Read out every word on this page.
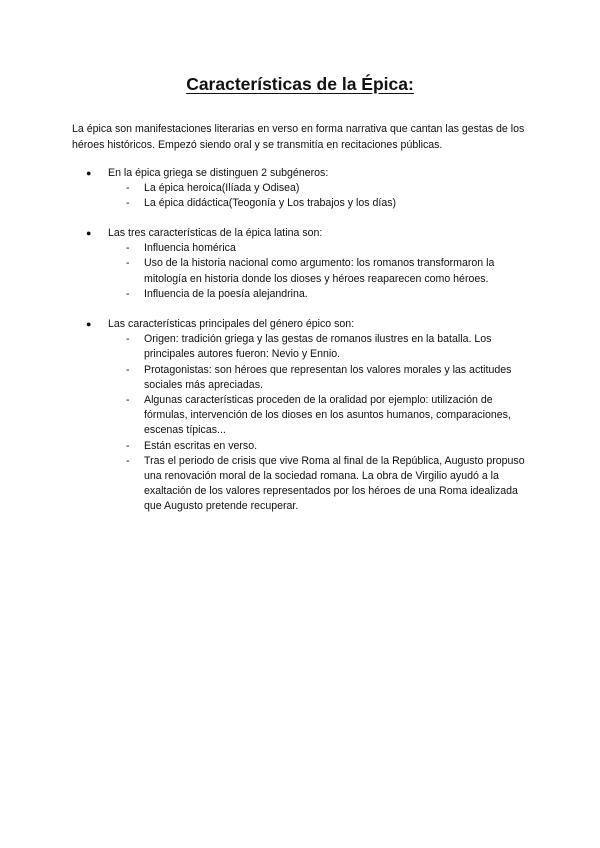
Características de la Épica:

La épica son manifestaciones literarias en verso en forma narrativa que cantan las gestas de los héroes históricos. Empezó siendo oral y se transmitía en recitaciones públicas.

● En la épica griega se distinguen 2 subgéneros:

- La épica heroica(Ilíada y Odisea)
- La épica didáctica(Teogonía y Los trabajos y los días)

● Las tres características de la épica latina son:

- Influencia homérica
- Uso de la historia nacional como argumento: los romanos transformaron la mitología en historia donde los dioses y héroes reaparecen como héroes.
- Influencia de la poesía alejandrina.

● Las características principales del género épico son:

- Origen: tradición griega y las gestas de romanos ilustres en la batalla. Los principales autores fueron: Nevio y Ennio.
- Protagonistas: son héroes que representan los valores morales y las actitudes sociales más apreciadas.
- Algunas características proceden de la oralidad por ejemplo: utilización de fórmulas, intervención de los dioses en los asuntos humanos, comparaciones, escenas típicas...
- Están escritas en verso.
- Tras el periodo de crisis que vive Roma al final de la República, Augusto propuso una renovación moral de la sociedad romana. La obra de Virgilio ayudó a la exaltación de los valores representados por los héroes de una Roma idealizada que Augusto pretende recuperar.
